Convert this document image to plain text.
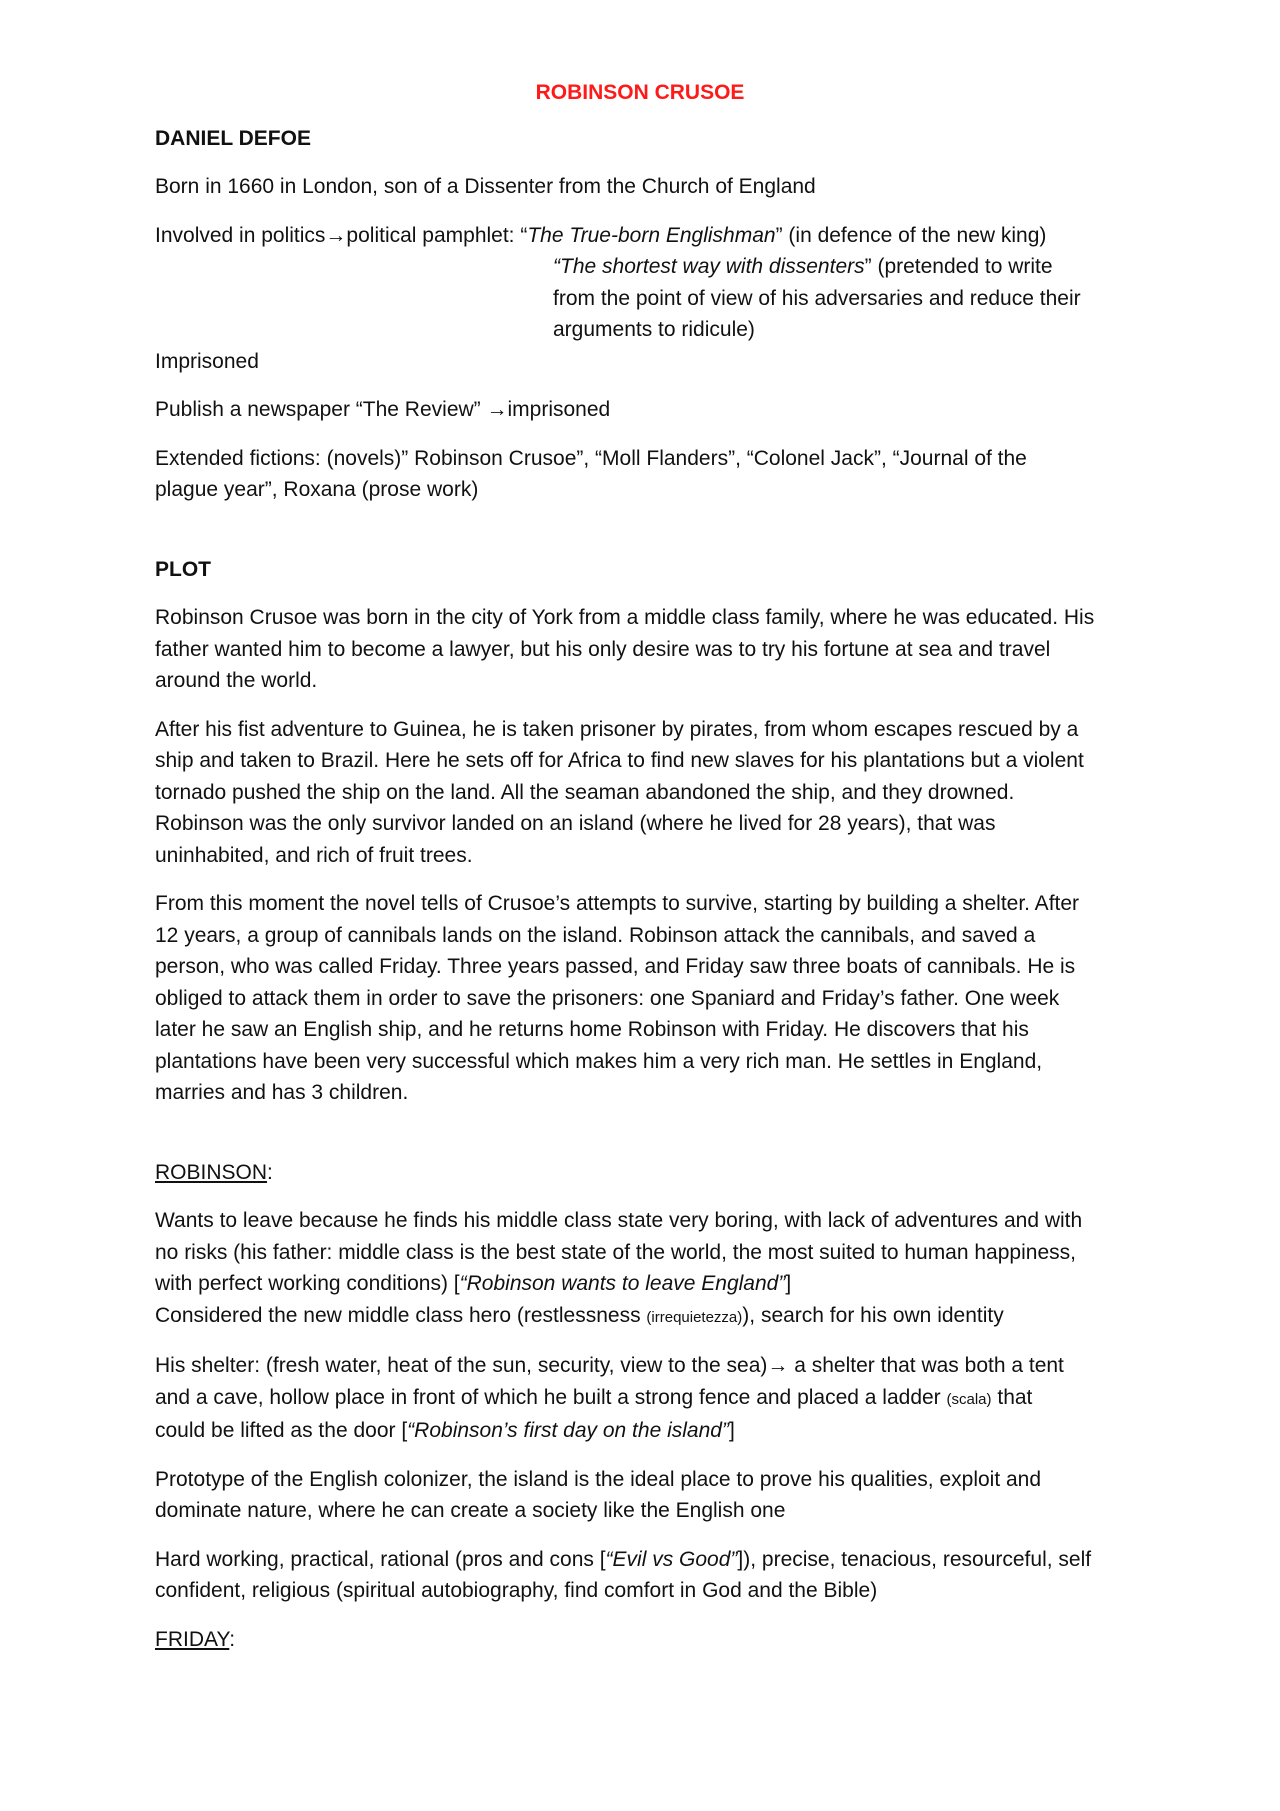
ROBINSON CRUSOE

DANIEL DEFOE

Born in 1660 in London, son of a Dissenter from the Church of England

Involved in politics→political pamphlet: “The True-born Englishman” (in defence of the new king)
“The shortest way with dissenters” (pretended to write
from the point of view of his adversaries and reduce their
arguments to ridicule)

Imprisoned

Publish a newspaper “The Review” →imprisoned

Extended fictions: (novels)” Robinson Crusoe”, “Moll Flanders”, “Colonel Jack”, “Journal of the
plague year”, Roxana (prose work)

PLOT

Robinson Crusoe was born in the city of York from a middle class family, where he was educated. His
father wanted him to become a lawyer, but his only desire was to try his fortune at sea and travel
around the world.

After his fist adventure to Guinea, he is taken prisoner by pirates, from whom escapes rescued by a
ship and taken to Brazil. Here he sets off for Africa to find new slaves for his plantations but a violent
tornado pushed the ship on the land. All the seaman abandoned the ship, and they drowned.
Robinson was the only survivor landed on an island (where he lived for 28 years), that was
uninhabited, and rich of fruit trees.

From this moment the novel tells of Crusoe’s attempts to survive, starting by building a shelter. After
12 years, a group of cannibals lands on the island. Robinson attack the cannibals, and saved a
person, who was called Friday. Three years passed, and Friday saw three boats of cannibals. He is
obliged to attack them in order to save the prisoners: one Spaniard and Friday’s father. One week
later he saw an English ship, and he returns home Robinson with Friday. He discovers that his
plantations have been very successful which makes him a very rich man. He settles in England,
marries and has 3 children.

ROBINSON:

Wants to leave because he finds his middle class state very boring, with lack of adventures and with
no risks (his father: middle class is the best state of the world, the most suited to human happiness,
with perfect working conditions) [“Robinson wants to leave England”]
Considered the new middle class hero (restlessness (irrequietezza)), search for his own identity

His shelter: (fresh water, heat of the sun, security, view to the sea)→ a shelter that was both a tent
and a cave, hollow place in front of which he built a strong fence and placed a ladder (scala) that
could be lifted as the door [“Robinson’s first day on the island”]

Prototype of the English colonizer, the island is the ideal place to prove his qualities, exploit and
dominate nature, where he can create a society like the English one

Hard working, practical, rational (pros and cons [“Evil vs Good”]), precise, tenacious, resourceful, self
confident, religious (spiritual autobiography, find comfort in God and the Bible)

FRIDAY:
